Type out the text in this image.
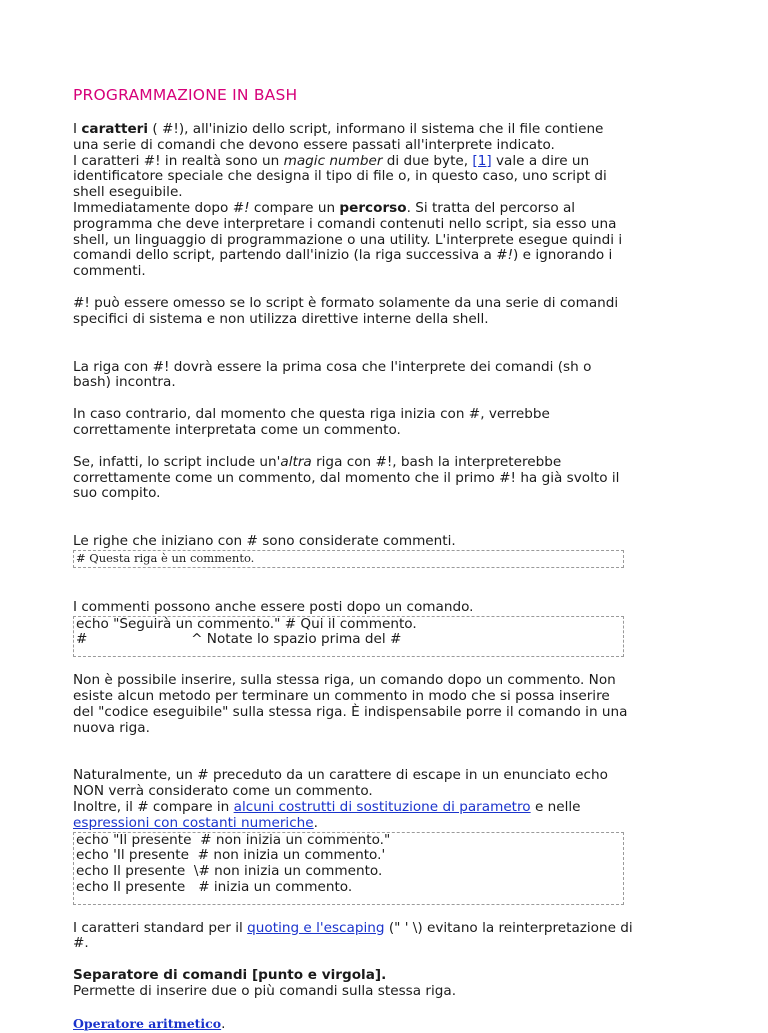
PROGRAMMAZIONE IN BASH

I caratteri ( #!), all'inizio dello script, informano il sistema che il file contiene una serie di comandi che devono essere passati all'interprete indicato.

I caratteri #! in realtà sono un magic number di due byte, [1] vale a dire un identificatore speciale che designa il tipo di file o, in questo caso, uno script di shell eseguibile.

Immediatamente dopo #! compare un percorso. Si tratta del percorso al programma che deve interpretare i comandi contenuti nello script, sia esso una shell, un linguaggio di programmazione o una utility. L'interprete esegue quindi i comandi dello script, partendo dall'inizio (la riga successiva a #!) e ignorando i commenti.

#! può essere omesso se lo script è formato solamente da una serie di comandi specifici di sistema e non utilizza direttive interne della shell.

La riga con #! dovrà essere la prima cosa che l'interprete dei comandi (sh o bash) incontra.

In caso contrario, dal momento che questa riga inizia con #, verrebbe correttamente interpretata come un commento.

Se, infatti, lo script include un'altra riga con #!, bash la interpreterebbe correttamente come un commento, dal momento che il primo #! ha già svolto il suo compito.

Le righe che iniziano con # sono considerate commenti.

# Questa riga è un commento.

I commenti possono anche essere posti dopo un comando.

echo "Seguirà un commento." # Qui il commento.
#                        ^ Notate lo spazio prima del #

Non è possibile inserire, sulla stessa riga, un comando dopo un commento. Non esiste alcun metodo per terminare un commento in modo che si possa inserire del "codice eseguibile" sulla stessa riga. È indispensabile porre il comando in una nuova riga.

Naturalmente, un # preceduto da un carattere di escape in un enunciato echo NON verrà considerato come un commento.

Inoltre, il # compare in alcuni costrutti di sostituzione di parametro e nelle espressioni con costanti numeriche.

echo "Il presente  # non inizia un commento."
echo 'Il presente  # non inizia un commento.'
echo Il presente  \# non inizia un commento.
echo Il presente   # inizia un commento.

I caratteri standard per il quoting e l'escaping (" ' \) evitano la reinterpretazione di #.

Separatore di comandi [punto e virgola].

Permette di inserire due o più comandi sulla stessa riga.

Operatore aritmetico.
